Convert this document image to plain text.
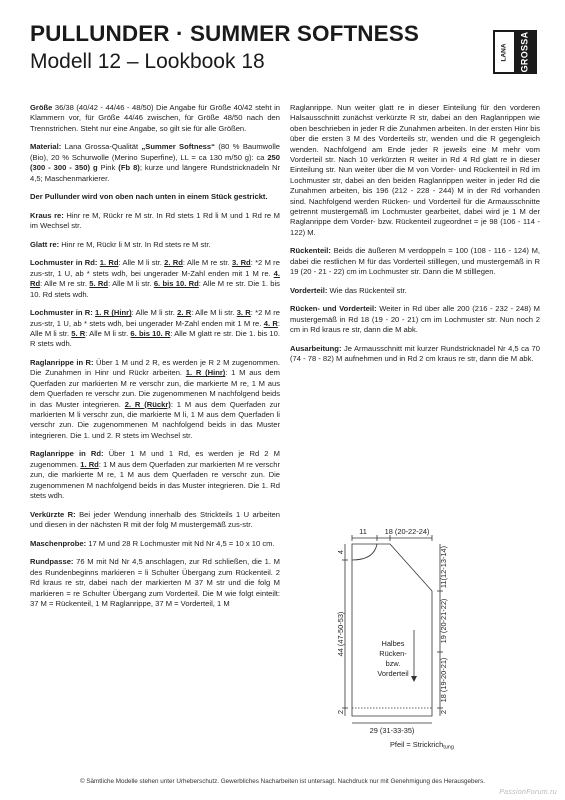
PULLUNDER · SUMMER SOFTNESS
Modell 12 – Lookbook 18	LANA GROSSA

Größe 36/38 (40/42 - 44/46 - 48/50) Die Angabe für Größe 40/42 steht in Klammern vor, für Größe 44/46 zwischen, für Größe 48/50 nach den Trennstrichen. Steht nur eine Angabe, so gilt sie für alle Größen.

Material: Lana Grossa-Qualität „Summer Softness“ (80 % Baumwolle (Bio), 20 % Schurwolle (Merino Superfine), LL = ca 130 m/50 g): ca 250 (300 - 300 - 350) g Pink (Fb 8); kurze und längere Rundstricknadeln Nr 4,5; Maschenmarkierer.

Der Pullunder wird von oben nach unten in einem Stück gestrickt.

Kraus re: Hinr re M, Rückr re M str. In Rd stets 1 Rd li M und 1 Rd re M im Wechsel str.

Glatt re: Hinr re M, Rückr li M str. In Rd stets re M str.

Lochmuster in Rd: 1. Rd: Alle M li str. 2. Rd: Alle M re str. 3. Rd: *2 M re zus-str, 1 U, ab * stets wdh, bei ungerader M-Zahl enden mit 1 M re. 4. Rd: Alle M re str. 5. Rd: Alle M li str. 6. bis 10. Rd: Alle M re str. Die 1. bis 10. Rd stets wdh.

Lochmuster in R: 1. R (Hinr): Alle M li str. 2. R: Alle M li str. 3. R: *2 M re zus-str, 1 U, ab * stets wdh, bei ungerader M-Zahl enden mit 1 M re. 4. R: Alle M li str. 5. R: Alle M li str. 6. bis 10. R: Alle M glatt re str. Die 1. bis 10. R stets wdh.

Raglanrippe in R: Über 1 M und 2 R, es werden je R 2 M zugenommen. Die Zunahmen in Hinr und Rückr arbeiten. 1. R (Hinr): 1 M aus dem Querfaden zur markierten M re verschr zun, die markierte M re, 1 M aus dem Querfaden re verschr zun. Die zugenommenen M nachfolgend beids in das Muster integrieren. 2. R (Rückr): 1 M aus dem Querfaden zur markierten M li verschr zun, die markierte M li, 1 M aus dem Querfaden li verschr zun. Die zugenommenen M nachfolgend beids in das Muster integrieren. Die 1. und 2. R stets im Wechsel str.

Raglanrippe in Rd: Über 1 M und 1 Rd, es werden je Rd 2 M zugenommen. 1. Rd: 1 M aus dem Querfaden zur markierten M re verschr zun, die markierte M re, 1 M aus dem Querfaden re verschr zun. Die zugenommenen M nachfolgend beids in das Muster integrieren. Die 1. Rd stets wdh.

Verkürzte R: Bei jeder Wendung innerhalb des Strickteils 1 U arbeiten und diesen in der nächsten R mit der folg M mustergemäß zus-str.

Maschenprobe: 17 M und 28 R Lochmuster mit Nd Nr 4,5 = 10 x 10 cm.

Rundpasse: 76 M mit Nd Nr 4,5 anschlagen, zur Rd schließen, die 1. M des Rundenbeginns markieren = li Schulter Übergang zum Rückenteil. 2 Rd kraus re str, dabei nach der markierten M 37 M str und die folg M markieren = re Schulter Übergang zum Vorderteil. Die M wie folgt einteilt: 37 M = Rückenteil, 1 M Raglanrippe, 37 M = Vorderteil, 1 M

Raglanrippe. Nun weiter glatt re in dieser Einteilung für den vorderen Halsausschnitt zunächst verkürzte R str, dabei an den Raglanrippen wie oben beschrieben in jeder R die Zunahmen arbeiten. In der ersten Hinr bis über die ersten 3 M des Vorderteils str, wenden und die R gegengleich wenden. Nachfolgend am Ende jeder R jeweils eine M mehr vom Vorderteil str. Nach 10 verkürzten R weiter in Rd 4 Rd glatt re in dieser Einteilung str. Nun weiter über die M von Vorder- und Rückenteil in Rd im Lochmuster str, dabei an den beiden Raglanrippen weiter in jeder Rd die Zunahmen arbeiten, bis 196 (212 - 228 - 244) M in der Rd vorhanden sind. Nachfolgend werden Rücken- und Vorderteil für die Armausschnitte getrennt mustergemäß im Lochmuster gearbeitet, dabei wird je 1 M der Raglanrippe dem Vorder- bzw. Rückenteil zugeordnet = je 98 (106 - 114 - 122) M.

Rückenteil: Beids die äußeren M verdoppeln = 100 (108 - 116 - 124) M, dabei die restlichen M für das Vorderteil stilllegen, und mustergemäß in R 19 (20 - 21 - 22) cm im Lochmuster str. Dann die M stilllegen.

Vorderteil: Wie das Rückenteil str.

Rücken- und Vorderteil: Weiter in Rd über alle 200 (216 - 232 - 248) M mustergemäß in Rd 18 (19 - 20 - 21) cm im Lochmuster str. Nun noch 2 cm in Rd kraus re str, dann die M abk.

Ausarbeitung: Je Armausschnitt mit kurzer Rundstricknadel Nr 4,5 ca 70 (74 - 78 - 82) M aufnehmen und in Rd 2 cm kraus re str, dann die M abk.

11 18 (20-22-24)
4
44 (47-50-53)
2
11(12-13-14)
19 (20-21-22)
18 (19-20-21)
2
Halbes
Rücken-
bzw.
Vorderteil
29 (31-33-35)
Pfeil = Strickrich$_{tung}$
© Sämtliche Modelle stehen unter Urheberschutz. Gewerbliches Nacharbeiten ist untersagt. Nachdruck nur mit Genehmigung des Herausgebers.
PassionForum.ru
